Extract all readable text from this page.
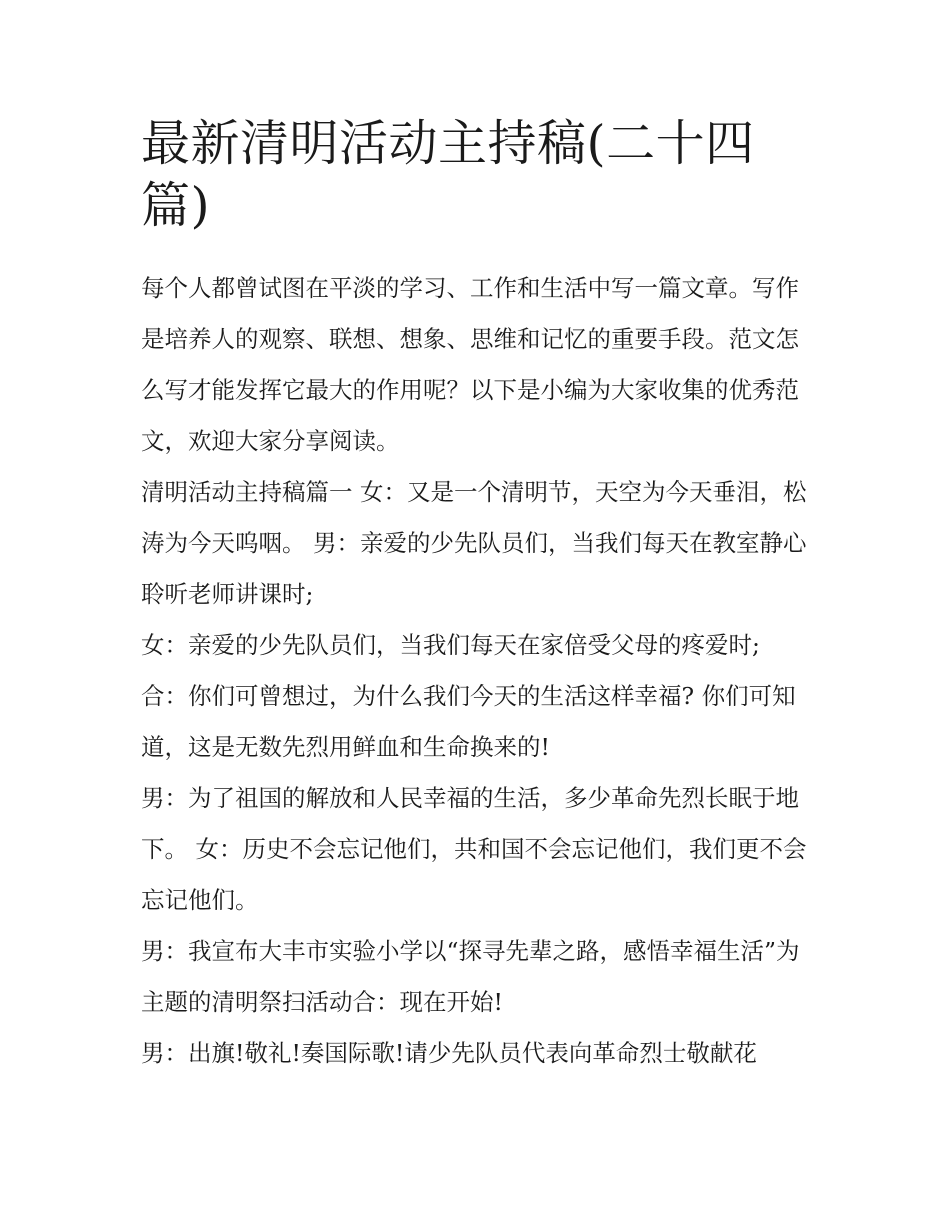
最新清明活动主持稿(二十四篇)

每个人都曾试图在平淡的学习、工作和生活中写一篇文章。写作是培养人的观察、联想、想象、思维和记忆的重要手段。范文怎么写才能发挥它最大的作用呢？以下是小编为大家收集的优秀范文，欢迎大家分享阅读。

清明活动主持稿篇一 女：又是一个清明节，天空为今天垂泪，松涛为今天呜咽。 男：亲爱的少先队员们，当我们每天在教室静心聆听老师讲课时;

女：亲爱的少先队员们，当我们每天在家倍受父母的疼爱时;

合：你们可曾想过，为什么我们今天的生活这样幸福? 你们可知道，这是无数先烈用鲜血和生命换来的!

男：为了祖国的解放和人民幸福的生活，多少革命先烈长眠于地下。 女：历史不会忘记他们，共和国不会忘记他们，我们更不会忘记他们。

男：我宣布大丰市实验小学以“探寻先辈之路，感悟幸福生活”为主题的清明祭扫活动合：现在开始!

男：出旗!敬礼!奏国际歌!请少先队员代表向革命烈士敬献花
